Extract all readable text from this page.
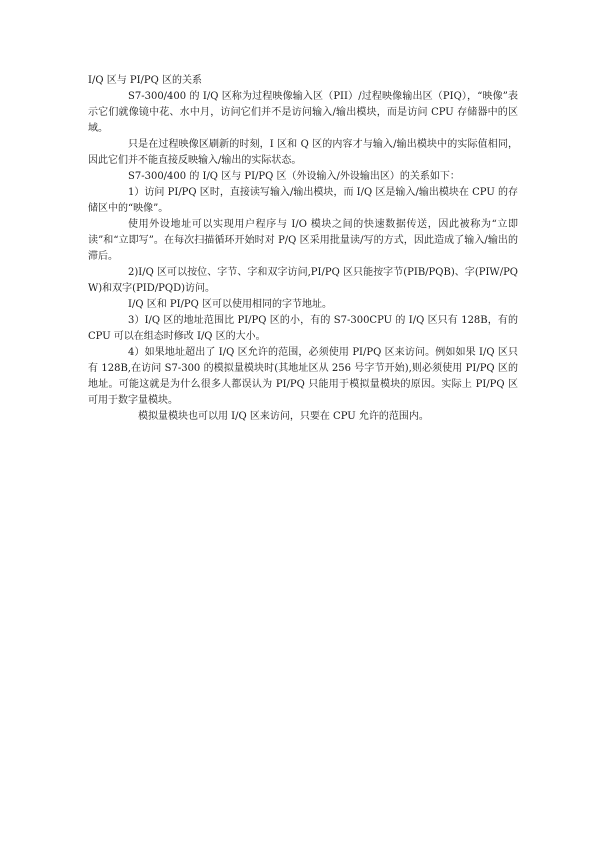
I/Q 区与 PI/PQ 区的关系

S7-300/400 的 I/Q 区称为过程映像输入区（PII）/过程映像输出区（PIQ），“映像”表示它们就像镜中花、水中月，访问它们并不是访问输入/输出模块，而是访问 CPU 存储器中的区域。

只是在过程映像区刷新的时刻，I 区和 Q 区的内容才与输入/输出模块中的实际值相同，因此它们并不能直接反映输入/输出的实际状态。

S7-300/400 的 I/Q 区与 PI/PQ 区（外设输入/外设输出区）的关系如下：

1）访问 PI/PQ 区时，直接读写输入/输出模块，而 I/Q 区是输入/输出模块在 CPU 的存储区中的“映像”。

使用外设地址可以实现用户程序与 I/O 模块之间的快速数据传送，因此被称为“立即读”和“立即写”。在每次扫描循环开始时对 P/Q 区采用批量读/写的方式，因此造成了输入/输出的滞后。

2)I/Q 区可以按位、字节、字和双字访问,PI/PQ 区只能按字节(PIB/PQB)、字(PIW/PQW)和双字(PID/PQD)访问。

I/Q 区和 PI/PQ 区可以使用相同的字节地址。

3）I/Q 区的地址范围比 PI/PQ 区的小，有的 S7-300CPU 的 I/Q 区只有 128B，有的 CPU 可以在组态时修改 I/Q 区的大小。

4）如果地址超出了 I/Q 区允许的范围，必须使用 PI/PQ 区来访问。例如如果 I/Q 区只有 128B,在访问 S7-300 的模拟量模块时(其地址区从 256 号字节开始),则必须使用 PI/PQ 区的地址。可能这就是为什么很多人都误认为 PI/PQ 只能用于模拟量模块的原因。实际上 PI/PQ 区可用于数字量模块。

模拟量模块也可以用 I/Q 区来访问，只要在 CPU 允许的范围内。
